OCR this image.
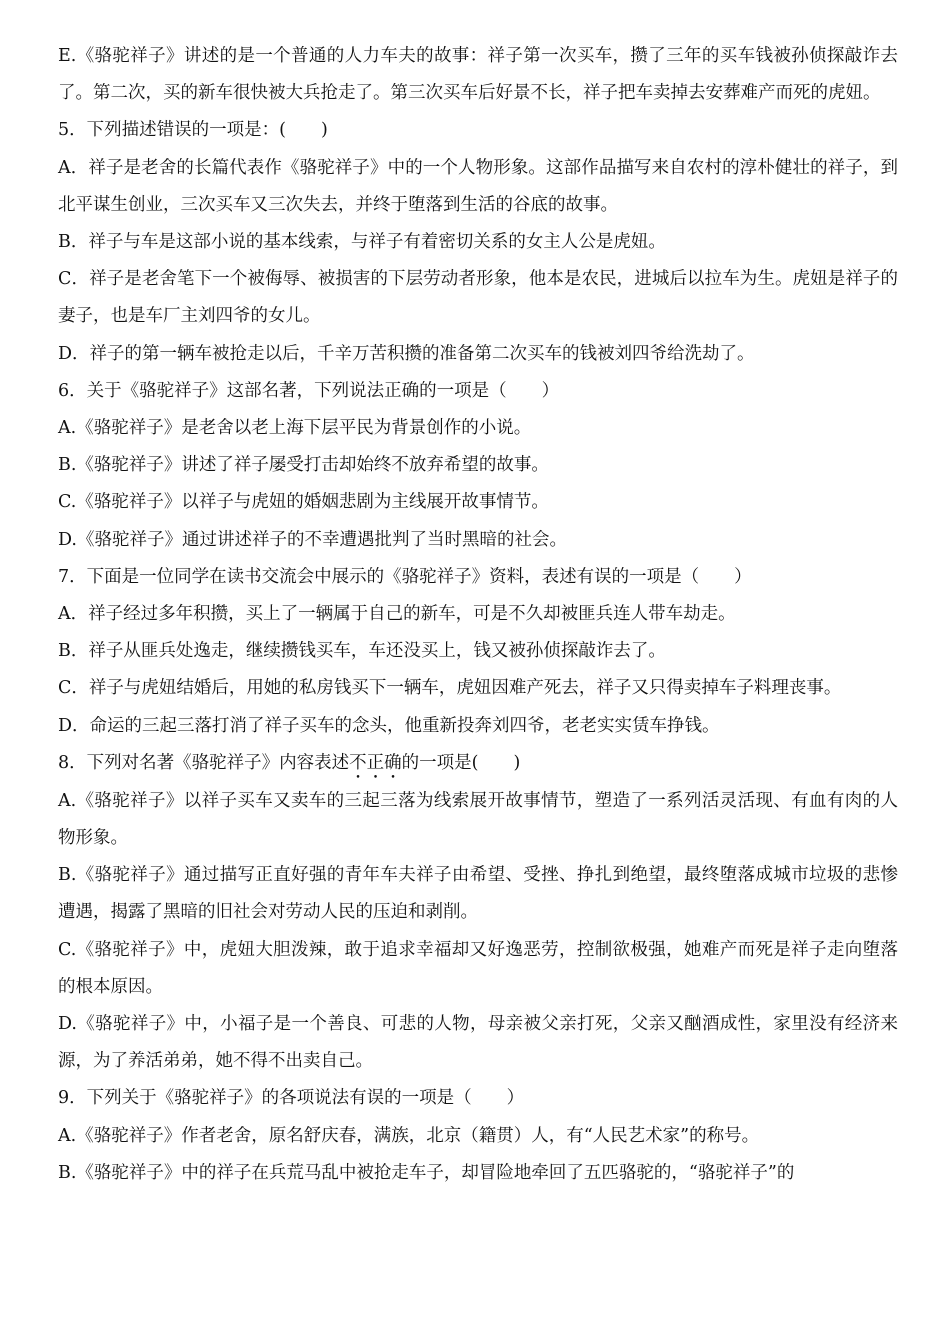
E.《骆驼祥子》讲述的是一个普通的人力车夫的故事：祥子第一次买车，攒了三年的买车钱被孙侦探敲诈去了。第二次，买的新车很快被大兵抢走了。第三次买车后好景不长，祥子把车卖掉去安葬难产而死的虎妞。

5．下列描述错误的一项是：(　　)

A．祥子是老舍的长篇代表作《骆驼祥子》中的一个人物形象。这部作品描写来自农村的淳朴健壮的祥子，到北平谋生创业，三次买车又三次失去，并终于堕落到生活的谷底的故事。

B．祥子与车是这部小说的基本线索，与祥子有着密切关系的女主人公是虎妞。

C．祥子是老舍笔下一个被侮辱、被损害的下层劳动者形象，他本是农民，进城后以拉车为生。虎妞是祥子的妻子，也是车厂主刘四爷的女儿。

D．祥子的第一辆车被抢走以后，千辛万苦积攒的准备第二次买车的钱被刘四爷给洗劫了。

6．关于《骆驼祥子》这部名著，下列说法正确的一项是（　　）

A.《骆驼祥子》是老舍以老上海下层平民为背景创作的小说。

B.《骆驼祥子》讲述了祥子屡受打击却始终不放弃希望的故事。

C.《骆驼祥子》以祥子与虎妞的婚姻悲剧为主线展开故事情节。

D.《骆驼祥子》通过讲述祥子的不幸遭遇批判了当时黑暗的社会。

7．下面是一位同学在读书交流会中展示的《骆驼祥子》资料，表述有误的一项是（　　）

A．祥子经过多年积攒，买上了一辆属于自己的新车，可是不久却被匪兵连人带车劫走。

B．祥子从匪兵处逸走，继续攒钱买车，车还没买上，钱又被孙侦探敲诈去了。

C．祥子与虎妞结婚后，用她的私房钱买下一辆车，虎妞因难产死去，祥子又只得卖掉车子料理丧事。

D．命运的三起三落打消了祥子买车的念头，他重新投奔刘四爷，老老实实赁车挣钱。

8．下列对名著《骆驼祥子》内容表述不正确的一项是(　　)

A.《骆驼祥子》以祥子买车又卖车的三起三落为线索展开故事情节，塑造了一系列活灵活现、有血有肉的人物形象。

B.《骆驼祥子》通过描写正直好强的青年车夫祥子由希望、受挫、挣扎到绝望，最终堕落成城市垃圾的悲惨遭遇，揭露了黑暗的旧社会对劳动人民的压迫和剥削。

C.《骆驼祥子》中，虎妞大胆泼辣，敢于追求幸福却又好逸恶劳，控制欲极强，她难产而死是祥子走向堕落的根本原因。

D.《骆驼祥子》中，小福子是一个善良、可悲的人物，母亲被父亲打死，父亲又酗酒成性，家里没有经济来源，为了养活弟弟，她不得不出卖自己。

9．下列关于《骆驼祥子》的各项说法有误的一项是（　　）

A.《骆驼祥子》作者老舍，原名舒庆春，满族，北京（籍贯）人，有“人民艺术家”的称号。

B.《骆驼祥子》中的祥子在兵荒马乱中被抢走车子，却冒险地牵回了五匹骆驼的，“骆驼祥子”的
